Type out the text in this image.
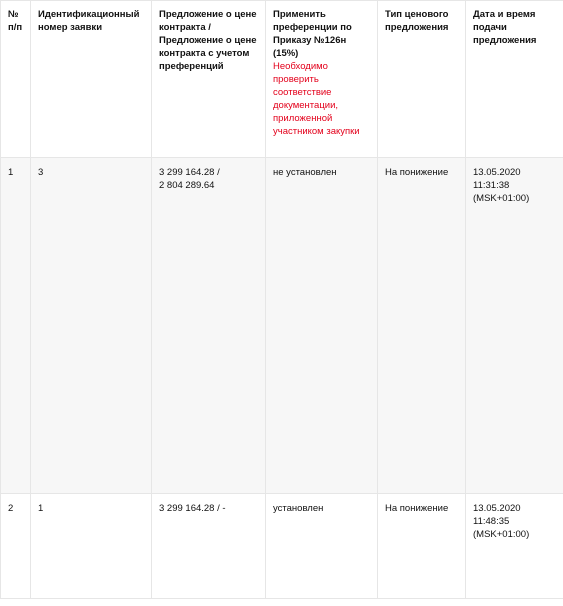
№ п/п	Идентификационный номер заявки	Предложение о цене контракта / Предложение о цене контракта с учетом преференций	Применить преференции по Приказу №126н (15%)
Необходимо проверить соответствие документации, приложенной участником закупки	Тип ценового предложения	Дата и время подачи предложения
1	3	3 299 164.28 /
2 804 289.64	не установлен	На понижение	13.05.2020
11:31:38
(MSK+01:00)

2	1	3 299 164.28 / -	установлен	На понижение	13.05.2020
11:48:35
(MSK+01:00)
